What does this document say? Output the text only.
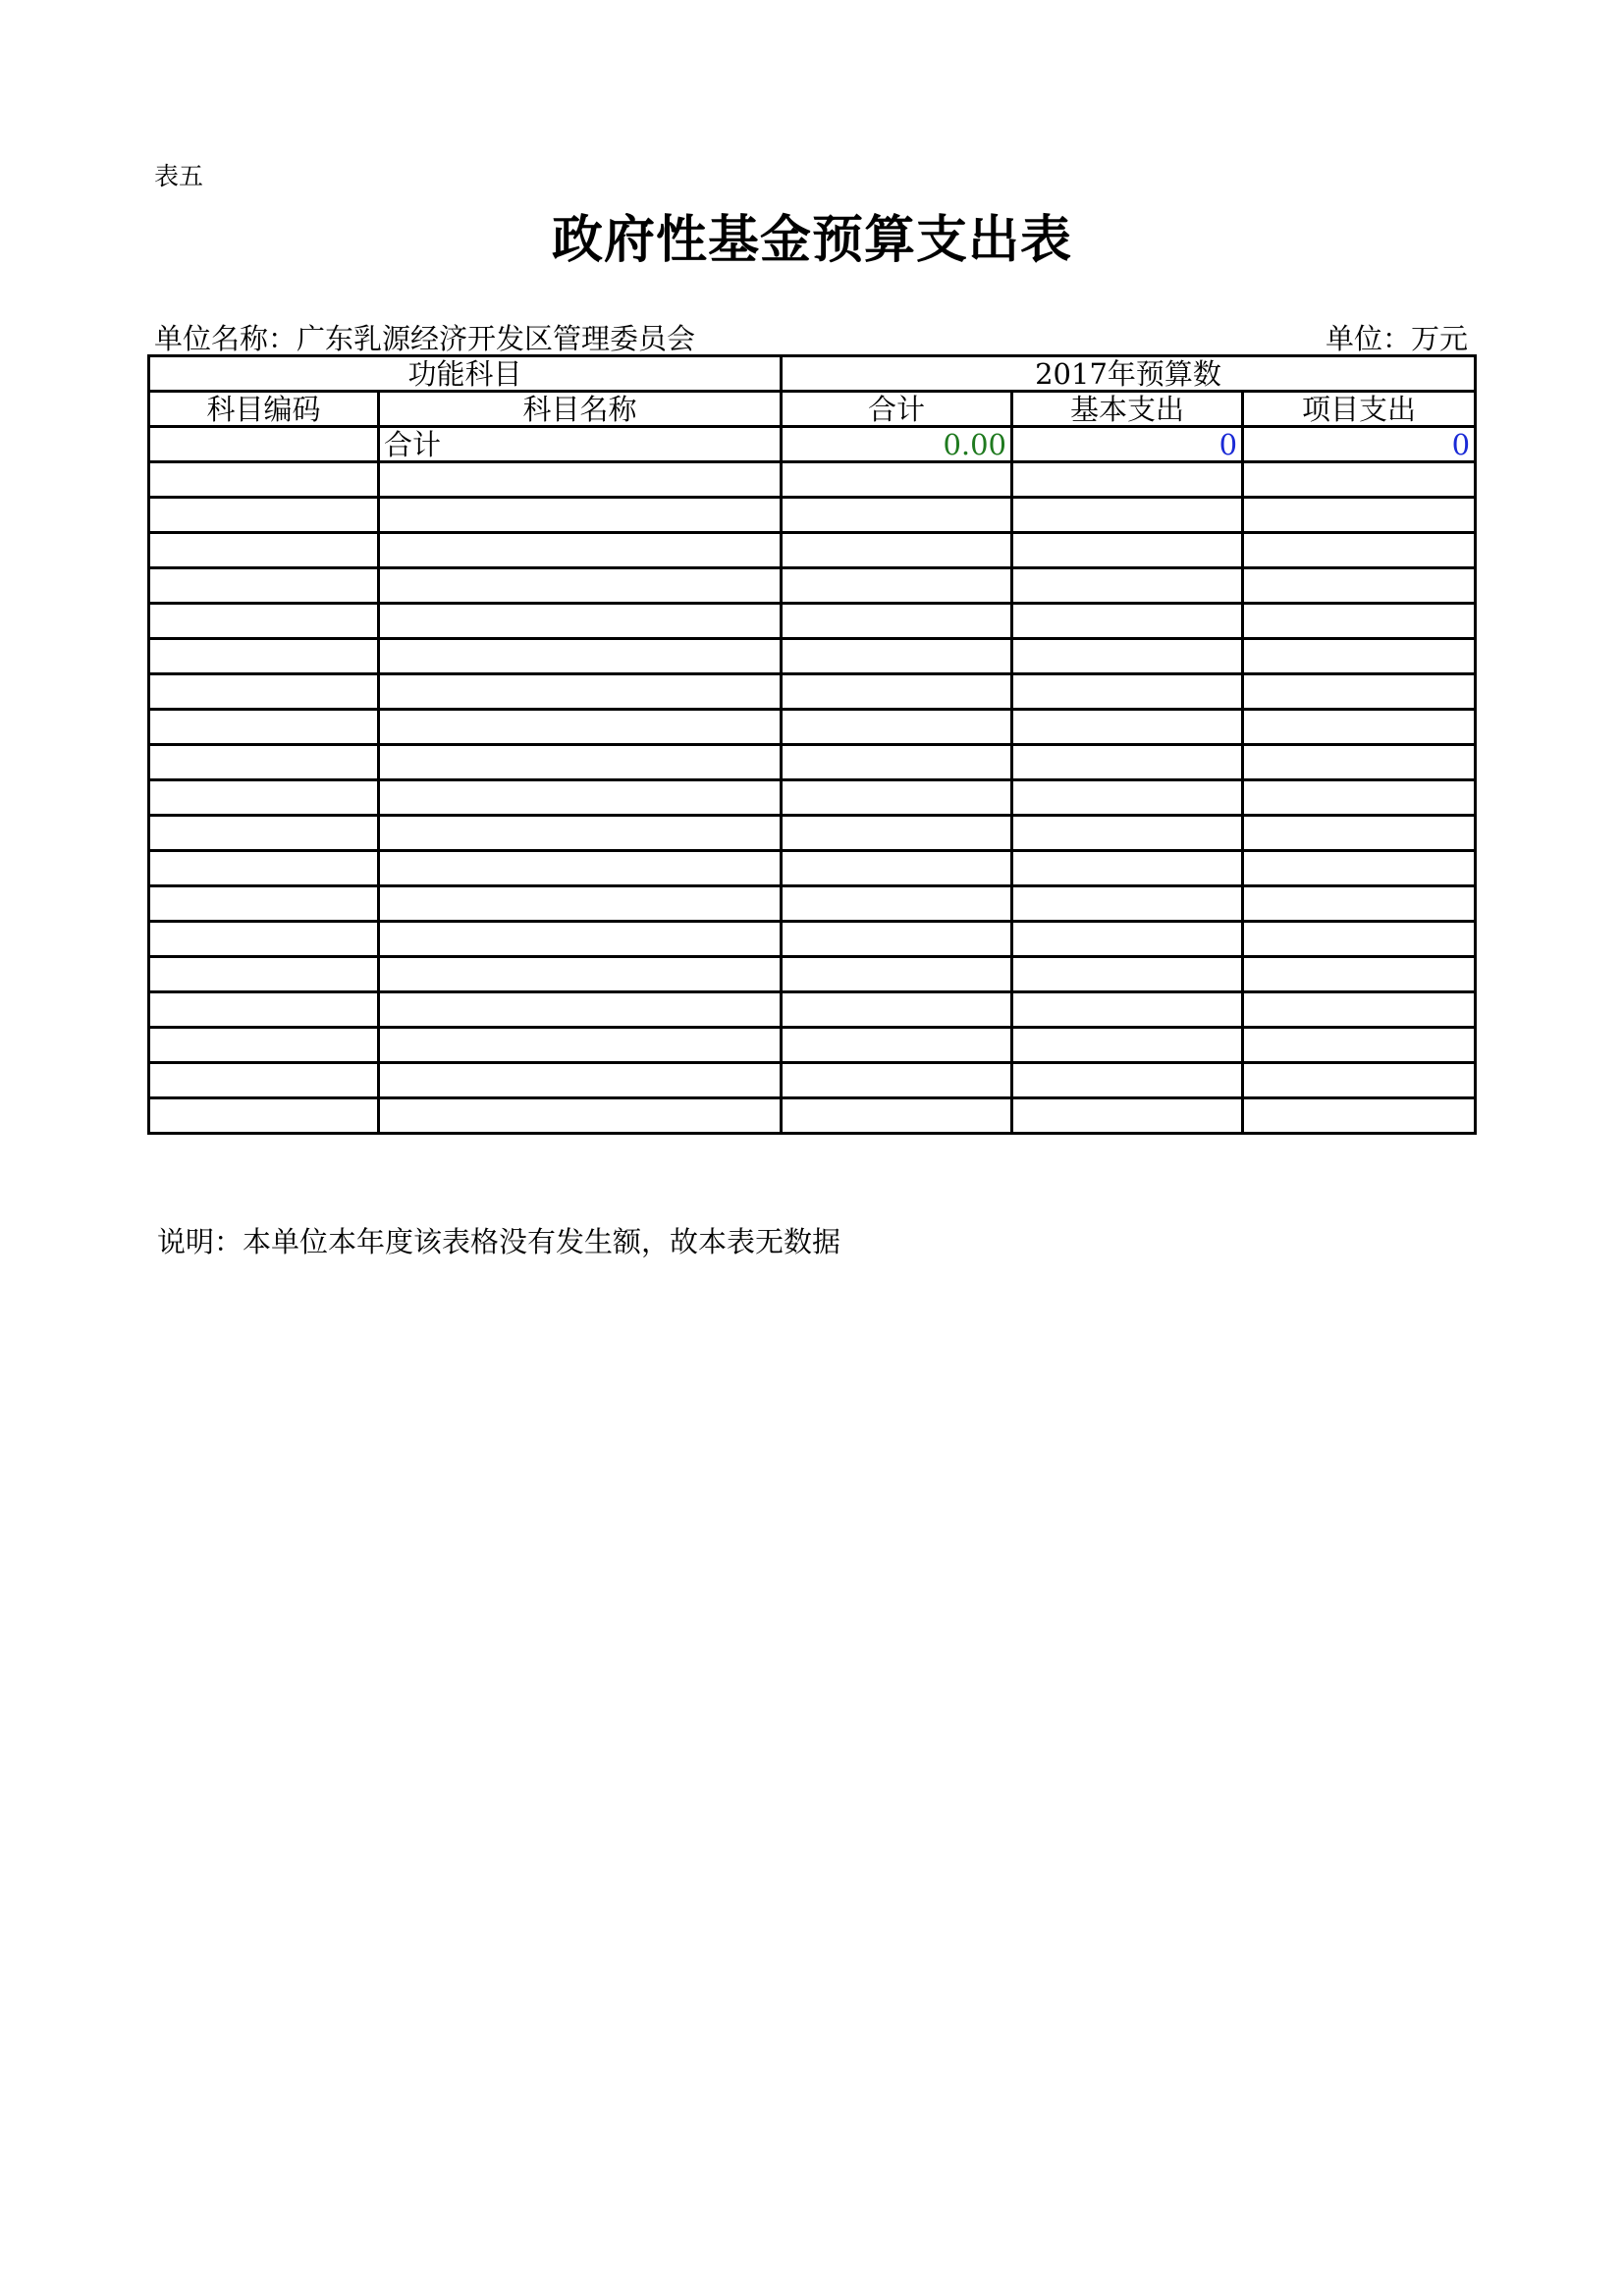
表五
政府性基金预算支出表
单位名称：广东乳源经济开发区管理委员会	单位：万元
功能科目		2017年预算数		
科目编码	科目名称	合计	基本支出	项目支出
	合计	0.00	0	0

说明：本单位本年度该表格没有发生额，故本表无数据
